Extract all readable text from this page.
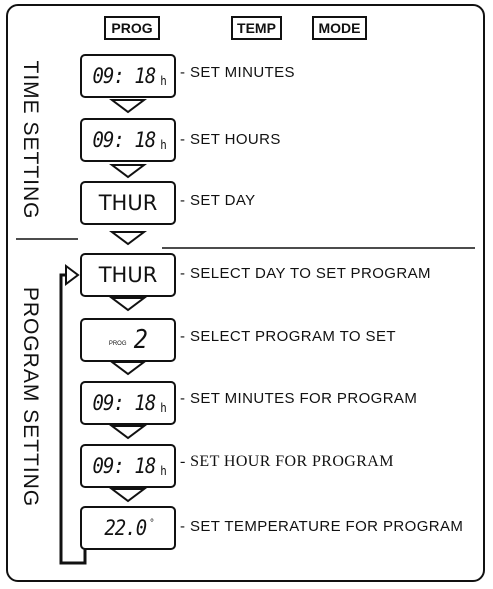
PROG	TEMP	MODE
TIME SETTING
PROGRAM SETTING
09: 18 h - SET MINUTES
09: 18 h - SET HOURS
THUR - SET DAY
THUR - SELECT DAY TO SET PROGRAM
PROG 2 - SELECT PROGRAM TO SET
09: 18 h
- SET MINUTES FOR PROGRAM
09: 18 h
- SET HOUR FOR PROGRAM
22.0 ° - SET TEMPERATURE FOR PROGRAM
